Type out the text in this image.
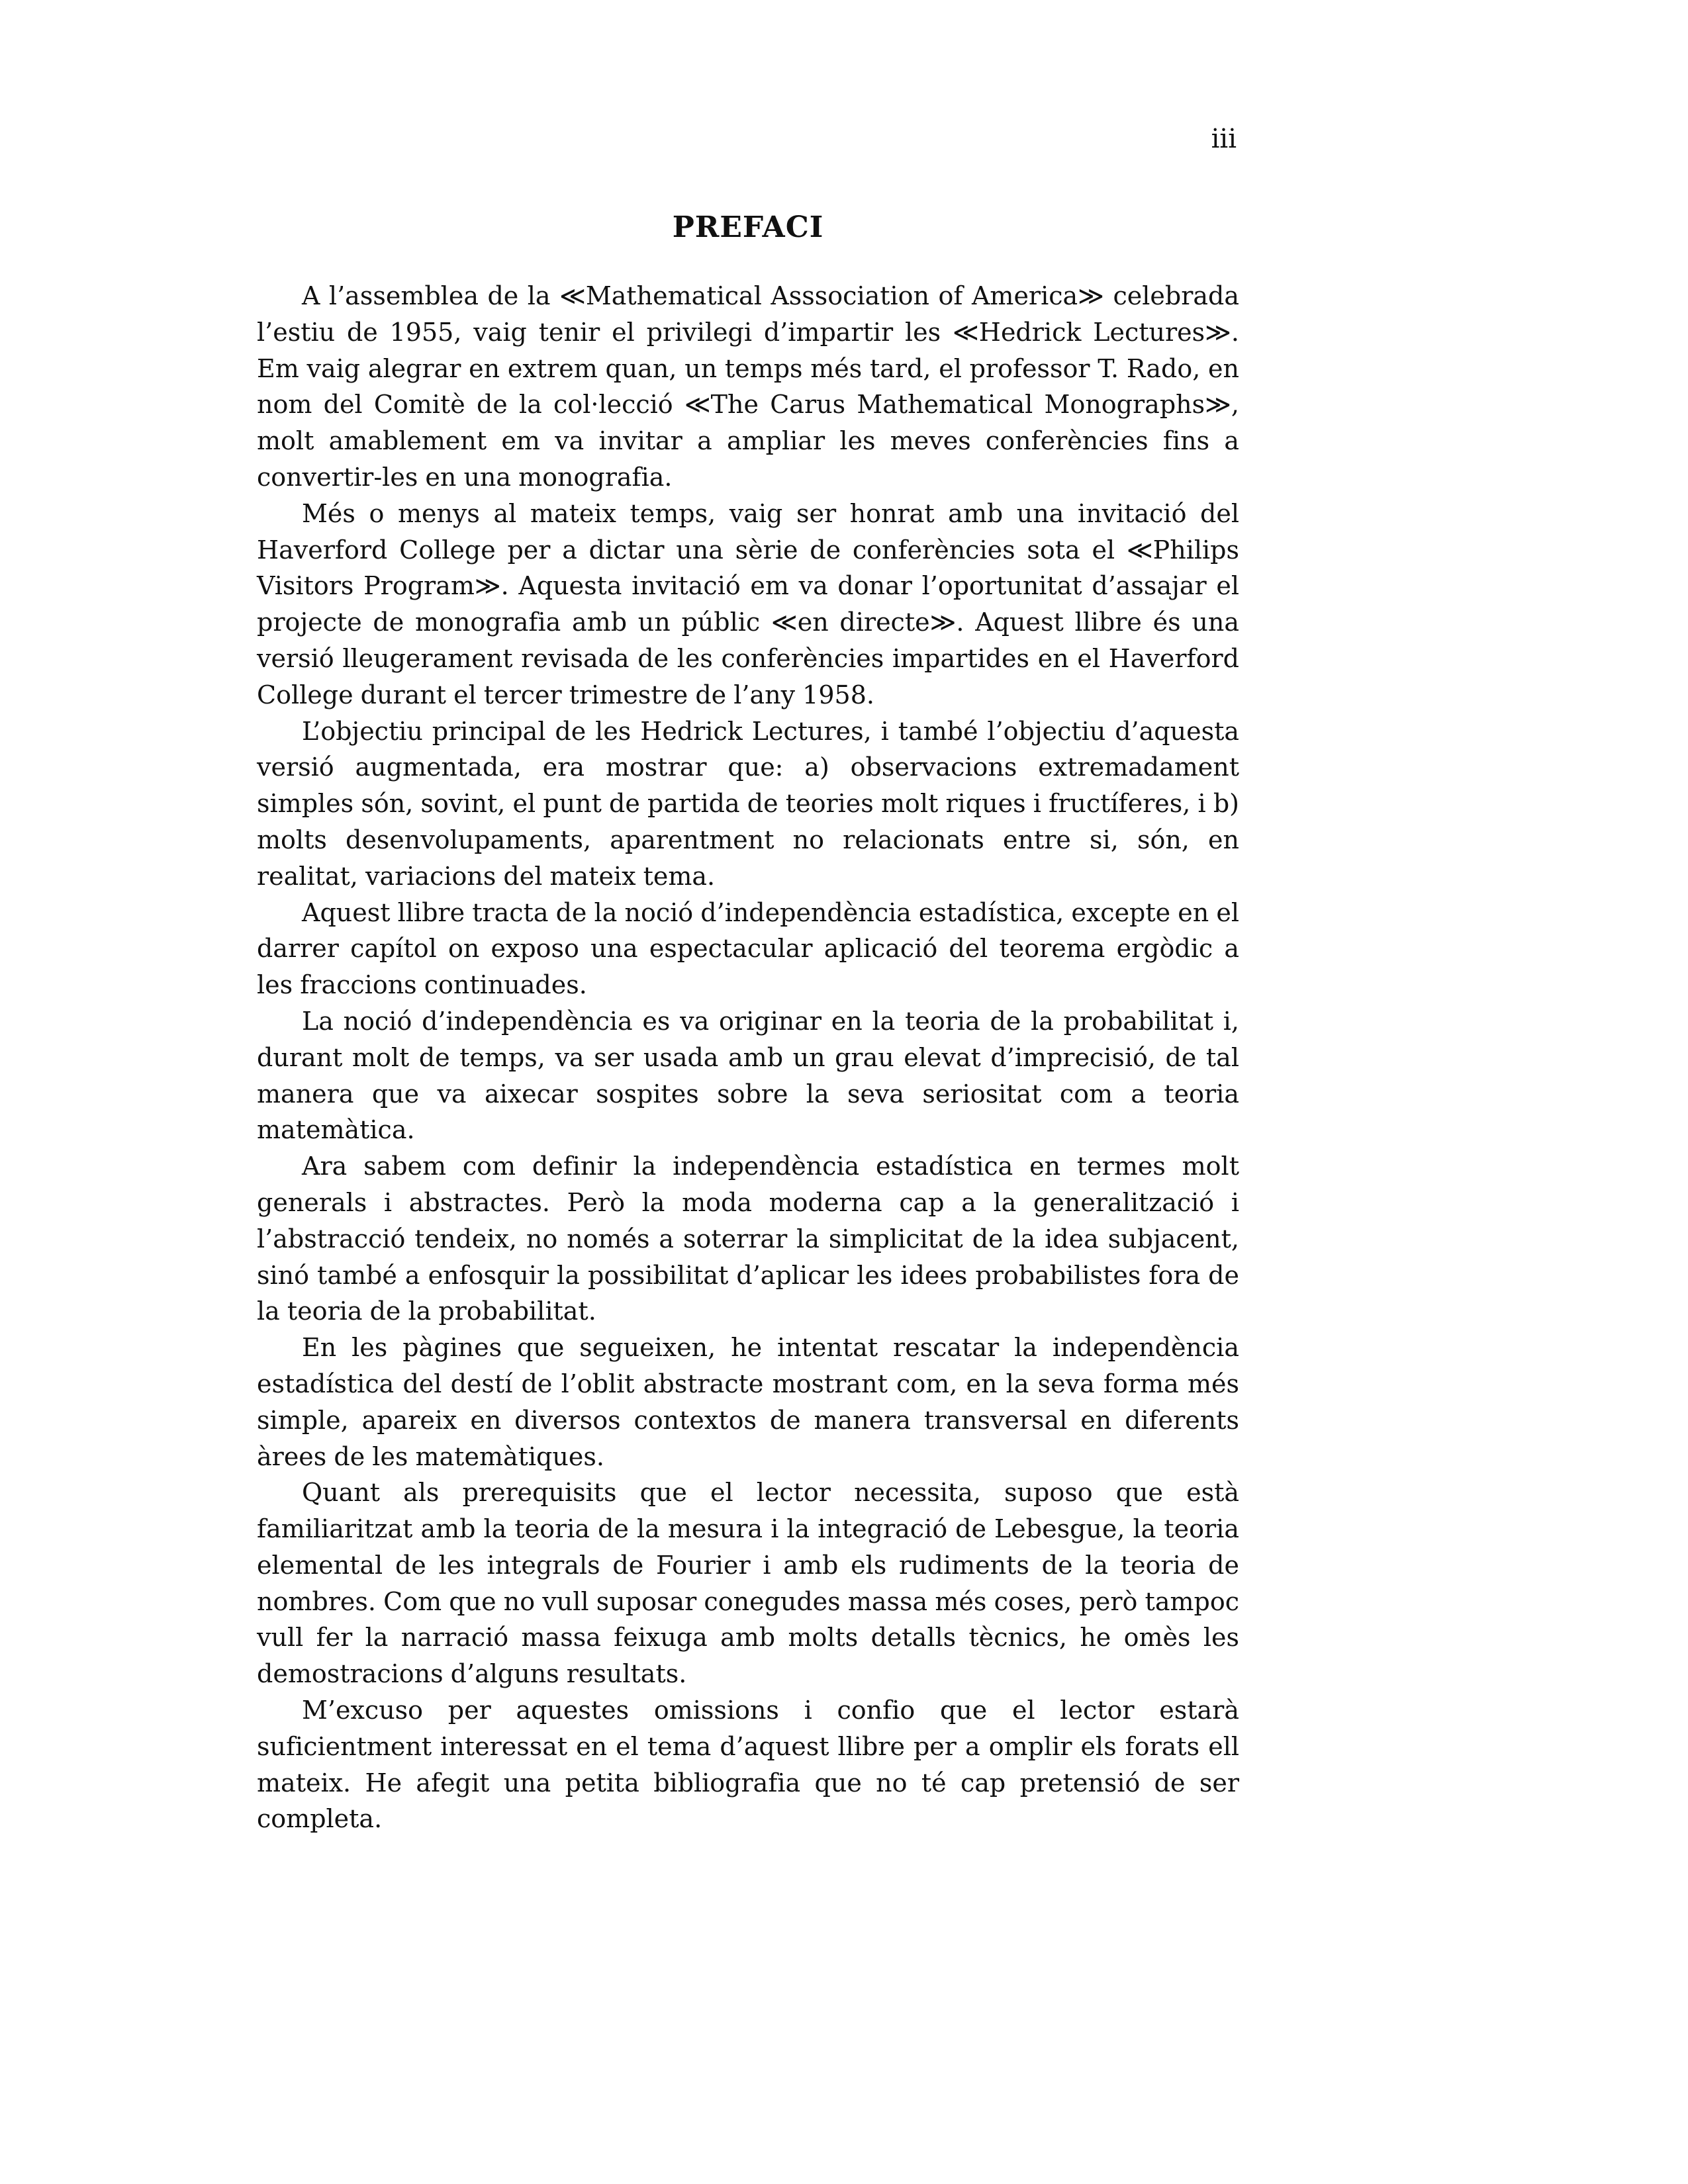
iii
PREFACI

A l’assemblea de la ≪Mathematical Asssociation of America≫ celebrada l’estiu de 1955, vaig tenir el privilegi d’impartir les ≪Hedrick Lectures≫. Em vaig alegrar en extrem quan, un temps més tard, el professor T. Rado, en nom del Comitè de la col·lecció ≪The Carus Mathematical Monographs≫, molt amablement em va invitar a ampliar les meves conferències fins a convertir-les en una monografia.

Més o menys al mateix temps, vaig ser honrat amb una invitació del Haverford College per a dictar una sèrie de conferències sota el ≪Philips Visitors Program≫. Aquesta invitació em va donar l’oportunitat d’assajar el projecte de monografia amb un públic ≪en directe≫. Aquest llibre és una versió lleugerament revisada de les conferències impartides en el Haverford College durant el tercer trimestre de l’any 1958.

L’objectiu principal de les Hedrick Lectures, i també l’objectiu d’aquesta versió augmentada, era mostrar que: a) observacions extremadament simples són, sovint, el punt de partida de teories molt riques i fructíferes, i b) molts desenvolupaments, aparentment no relacionats entre si, són, en realitat, variacions del mateix tema.

Aquest llibre tracta de la noció d’independència estadística, excepte en el darrer capítol on exposo una espectacular aplicació del teorema ergòdic a les fraccions continuades.

La noció d’independència es va originar en la teoria de la probabilitat i, durant molt de temps, va ser usada amb un grau elevat d’imprecisió, de tal manera que va aixecar sospites sobre la seva seriositat com a teoria matemàtica.

Ara sabem com definir la independència estadística en termes molt generals i abstractes. Però la moda moderna cap a la generalització i l’abstracció tendeix, no només a soterrar la simplicitat de la idea subjacent, sinó també a enfosquir la possibilitat d’aplicar les idees probabilistes fora de la teoria de la probabilitat.

En les pàgines que segueixen, he intentat rescatar la independència estadística del destí de l’oblit abstracte mostrant com, en la seva forma més simple, apareix en diversos contextos de manera transversal en diferents àrees de les matemàtiques.

Quant als prerequisits que el lector necessita, suposo que està familiaritzat amb la teoria de la mesura i la integració de Lebesgue, la teoria elemental de les integrals de Fourier i amb els rudiments de la teoria de nombres. Com que no vull suposar conegudes massa més coses, però tampoc vull fer la narració massa feixuga amb molts detalls tècnics, he omès les demostracions d’alguns resultats.

M’excuso per aquestes omissions i confio que el lector estarà suficientment interessat en el tema d’aquest llibre per a omplir els forats ell mateix. He afegit una petita bibliografia que no té cap pretensió de ser completa.
